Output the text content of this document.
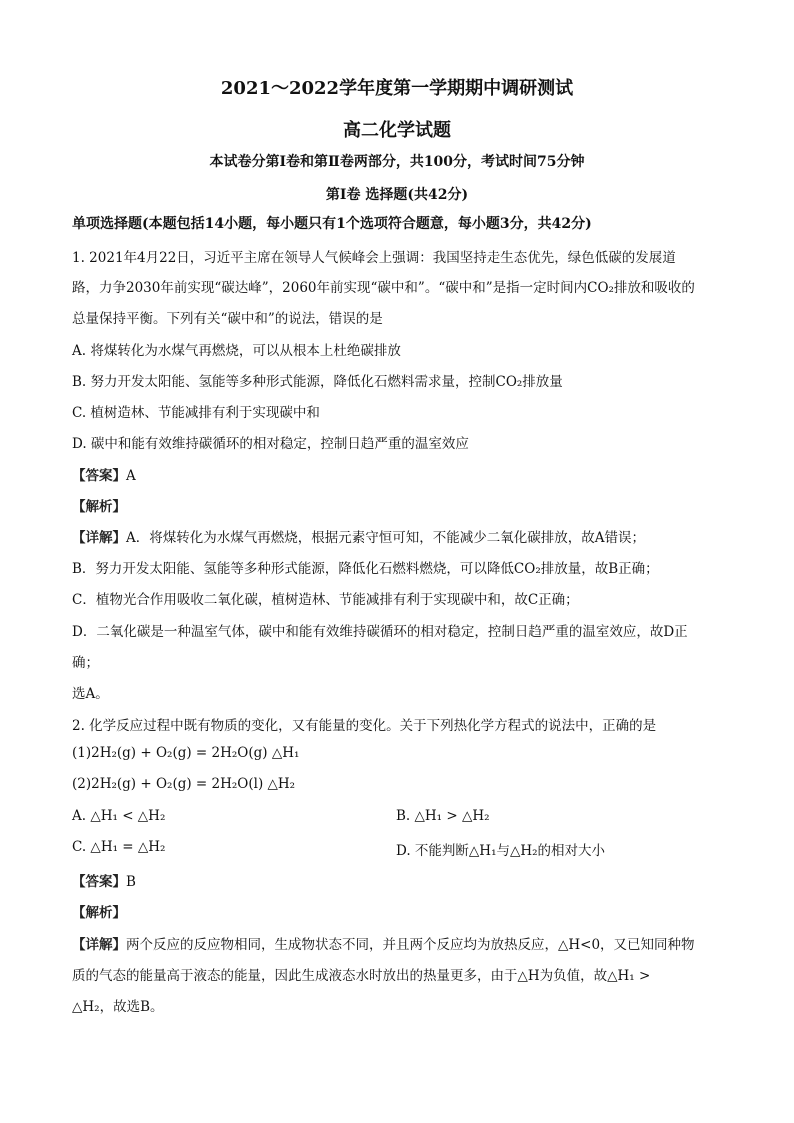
2021～2022学年度第一学期期中调研测试
高二化学试题
本试卷分第Ⅰ卷和第Ⅱ卷两部分，共100分，考试时间75分钟
第Ⅰ卷 选择题(共42分)
单项选择题(本题包括14小题，每小题只有1个选项符合题意，每小题3分，共42分)
1. 2021年4月22日，习近平主席在领导人气候峰会上强调：我国坚持走生态优先，绿色低碳的发展道
路，力争2030年前实现“碳达峰”，2060年前实现“碳中和”。“碳中和”是指一定时间内CO₂排放和吸收的
总量保持平衡。下列有关“碳中和”的说法，错误的是
A. 将煤转化为水煤气再燃烧，可以从根本上杜绝碳排放
B. 努力开发太阳能、氢能等多种形式能源，降低化石燃料需求量，控制CO₂排放量
C. 植树造林、节能减排有利于实现碳中和
D. 碳中和能有效维持碳循环的相对稳定，控制日趋严重的温室效应
【答案】A
【解析】
【详解】A．将煤转化为水煤气再燃烧，根据元素守恒可知，不能减少二氧化碳排放，故A错误；
B．努力开发太阳能、氢能等多种形式能源，降低化石燃料燃烧，可以降低CO₂排放量，故B正确；
C．植物光合作用吸收二氧化碳，植树造林、节能减排有利于实现碳中和，故C正确；
D．二氧化碳是一种温室气体，碳中和能有效维持碳循环的相对稳定，控制日趋严重的温室效应，故D正
确；
选A。
2. 化学反应过程中既有物质的变化，又有能量的变化。关于下列热化学方程式的说法中，正确的是
(1)2H₂(g) + O₂(g) = 2H₂O(g) △H₁
(2)2H₂(g) + O₂(g) = 2H₂O(l) △H₂
A. △H₁ < △H₂	B. △H₁ > △H₂
C. △H₁ = △H₂	D. 不能判断△H₁与△H₂的相对大小
【答案】B
【解析】
【详解】两个反应的反应物相同，生成物状态不同，并且两个反应均为放热反应，△H<0，又已知同种物
质的气态的能量高于液态的能量，因此生成液态水时放出的热量更多，由于△H为负值，故△H₁ >
△H₂，故选B。
